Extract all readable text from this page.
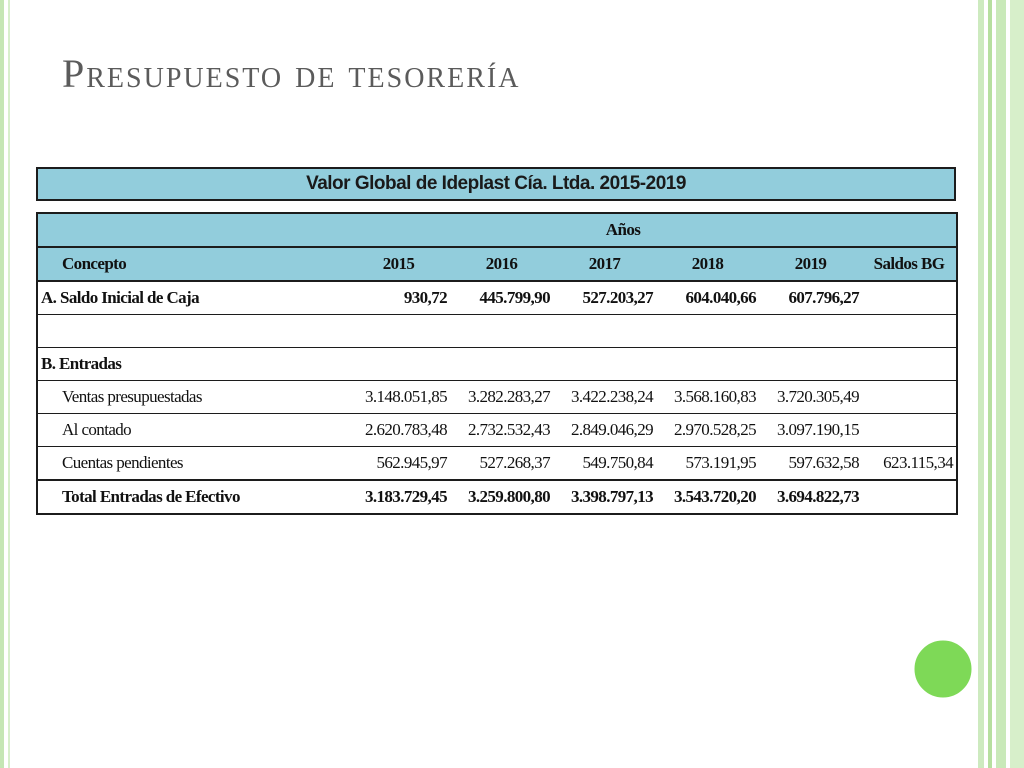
Presupuesto de tesorería
Valor Global de Ideplast Cía. Ltda. 2015-2019
	Años					
Concepto	2015	2016	2017	2018	2019	Saldos BG
A. Saldo Inicial de Caja	930,72	445.799,90	527.203,27	604.040,66	607.796,27	

B. Entradas						
Ventas presupuestadas	3.148.051,85	3.282.283,27	3.422.238,24	3.568.160,83	3.720.305,49	
Al contado	2.620.783,48	2.732.532,43	2.849.046,29	2.970.528,25	3.097.190,15	
Cuentas pendientes	562.945,97	527.268,37	549.750,84	573.191,95	597.632,58	623.115,34
Total Entradas de Efectivo	3.183.729,45	3.259.800,80	3.398.797,13	3.543.720,20	3.694.822,73	
